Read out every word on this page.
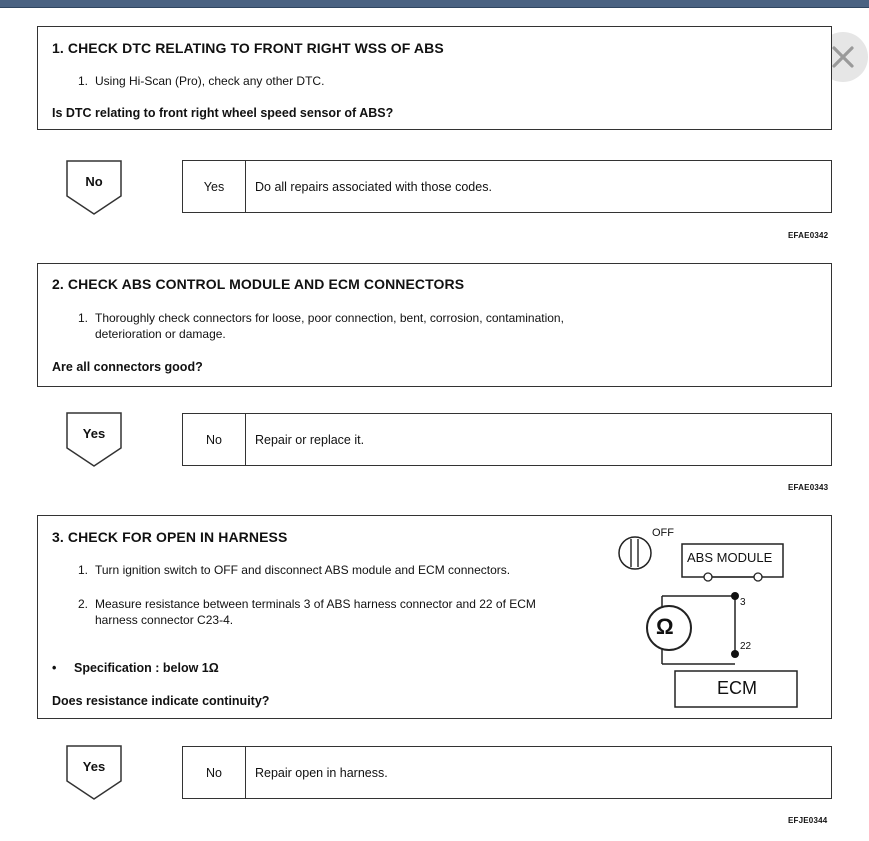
1. CHECK DTC RELATING TO FRONT RIGHT WSS OF ABS
1. Using Hi-Scan (Pro), check any other DTC.
Is DTC relating to front right wheel speed sensor of ABS?
No	Yes	Do all repairs associated with those codes.
EFAE0342
2. CHECK ABS CONTROL MODULE AND ECM CONNECTORS
1. Thoroughly check connectors for loose, poor connection, bent, corrosion, contamination, deterioration or damage.
Are all connectors good?
Yes	No	Repair or replace it.
EFAE0343
3. CHECK FOR OPEN IN HARNESS
1. Turn ignition switch to OFF and disconnect ABS module and ECM connectors.
2. Measure resistance between terminals 3 of ABS harness connector and 22 of ECM harness connector C23-4.
• Specification : below 1Ω
Does resistance indicate continuity?
OFF
ABS MODULE
3
22
Ω
ECM
Yes	No	Repair open in harness.
EFJE0344
